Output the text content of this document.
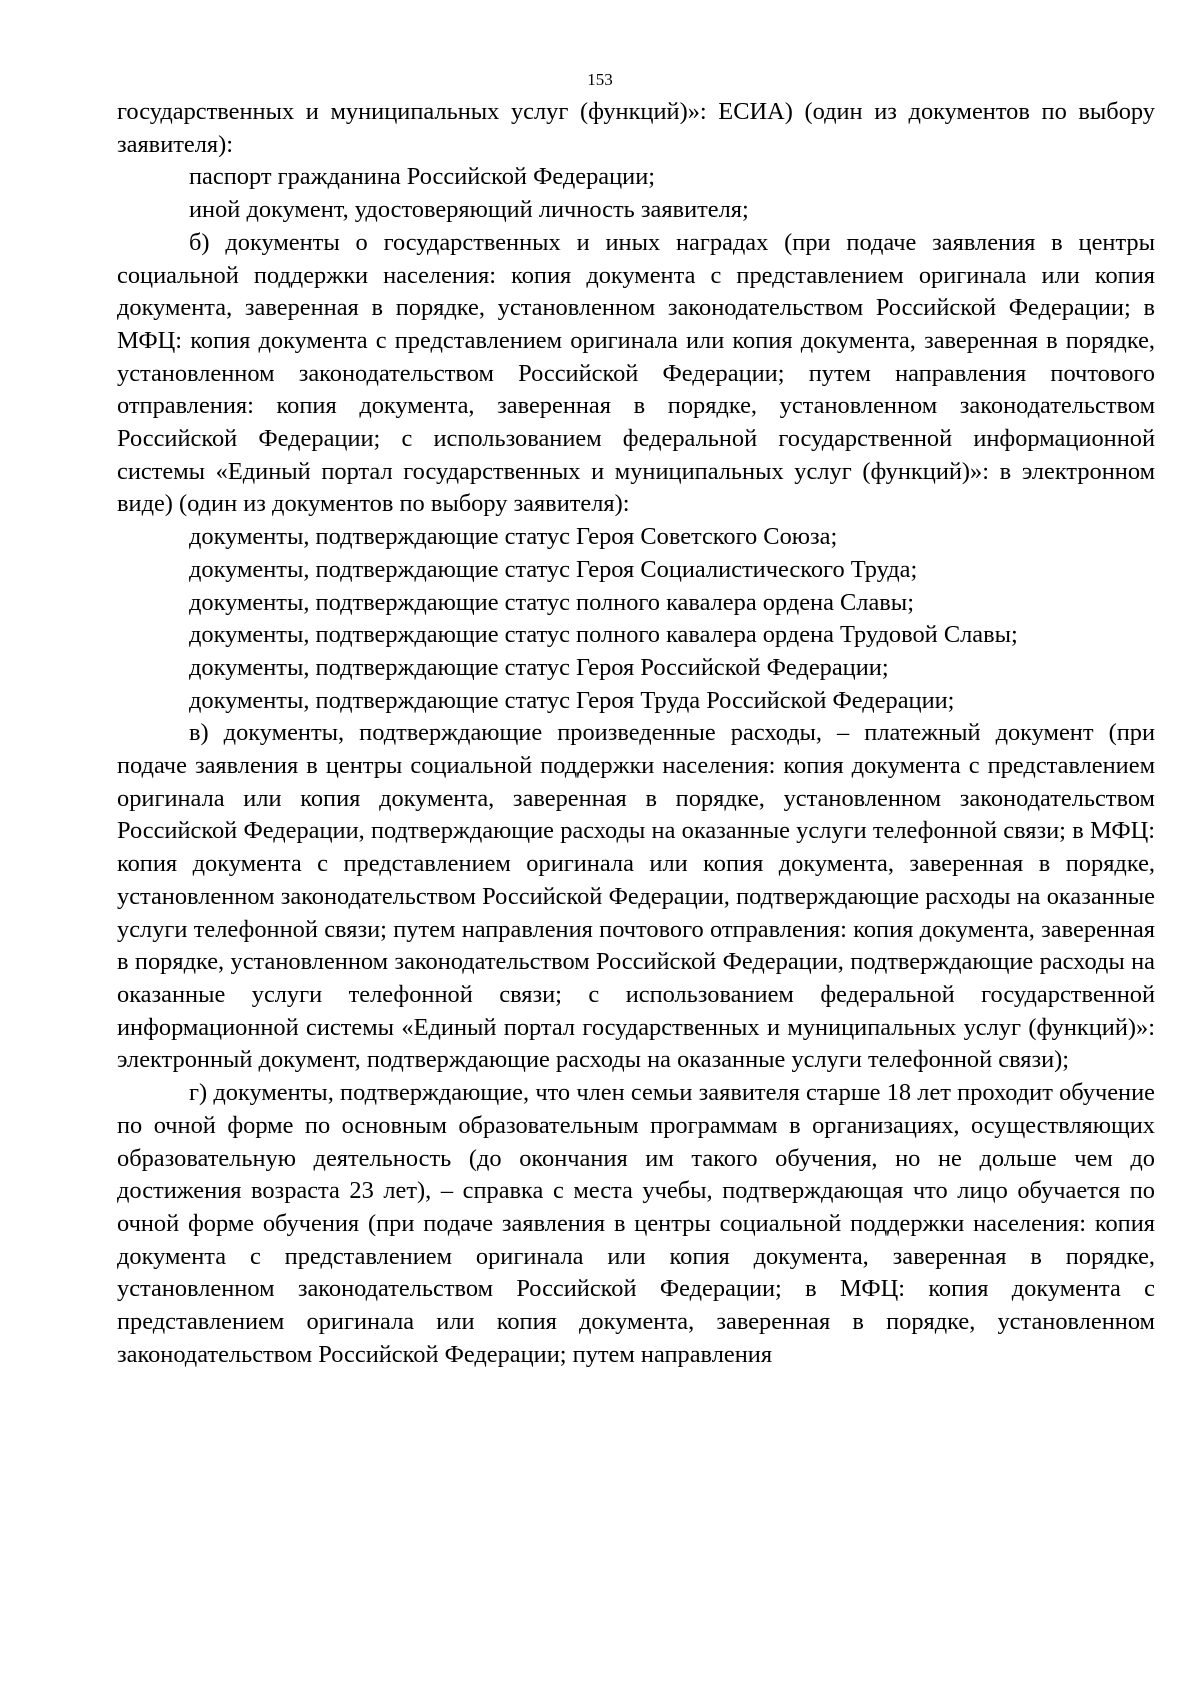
153

государственных и муниципальных услуг (функций)»: ЕСИА) (один из документов по выбору заявителя):

паспорт гражданина Российской Федерации;

иной документ, удостоверяющий личность заявителя;

б) документы о государственных и иных наградах (при подаче заявления в центры социальной поддержки населения: копия документа с представлением оригинала или копия документа, заверенная в порядке, установленном законодательством Российской Федерации; в МФЦ: копия документа с представлением оригинала или копия документа, заверенная в порядке, установленном законодательством Российской Федерации; путем направления почтового отправления: копия документа, заверенная в порядке, установленном законодательством Российской Федерации; с использованием федеральной государственной информационной системы «Единый портал государственных и муниципальных услуг (функций)»: в электронном виде) (один из документов по выбору заявителя):

документы, подтверждающие статус Героя Советского Союза;

документы, подтверждающие статус Героя Социалистического Труда;

документы, подтверждающие статус полного кавалера ордена Славы;

документы, подтверждающие статус полного кавалера ордена Трудовой Славы;

документы, подтверждающие статус Героя Российской Федерации;

документы, подтверждающие статус Героя Труда Российской Федерации;

в) документы, подтверждающие произведенные расходы, – платежный документ (при подаче заявления в центры социальной поддержки населения: копия документа с представлением оригинала или копия документа, заверенная в порядке, установленном законодательством Российской Федерации, подтверждающие расходы на оказанные услуги телефонной связи; в МФЦ: копия документа с представлением оригинала или копия документа, заверенная в порядке, установленном законодательством Российской Федерации, подтверждающие расходы на оказанные услуги телефонной связи; путем направления почтового отправления: копия документа, заверенная в порядке, установленном законодательством Российской Федерации, подтверждающие расходы на оказанные услуги телефонной связи; с использованием федеральной государственной информационной системы «Единый портал государственных и муниципальных услуг (функций)»: электронный документ, подтверждающие расходы на оказанные услуги телефонной связи);

г) документы, подтверждающие, что член семьи заявителя старше 18 лет проходит обучение по очной форме по основным образовательным программам в организациях, осуществляющих образовательную деятельность (до окончания им такого обучения, но не дольше чем до достижения возраста 23 лет), – справка с места учебы, подтверждающая что лицо обучается по очной форме обучения (при подаче заявления в центры социальной поддержки населения: копия документа с представлением оригинала или копия документа, заверенная в порядке, установленном законодательством Российской Федерации; в МФЦ: копия документа с представлением оригинала или копия документа, заверенная в порядке, установленном законодательством Российской Федерации; путем направления
